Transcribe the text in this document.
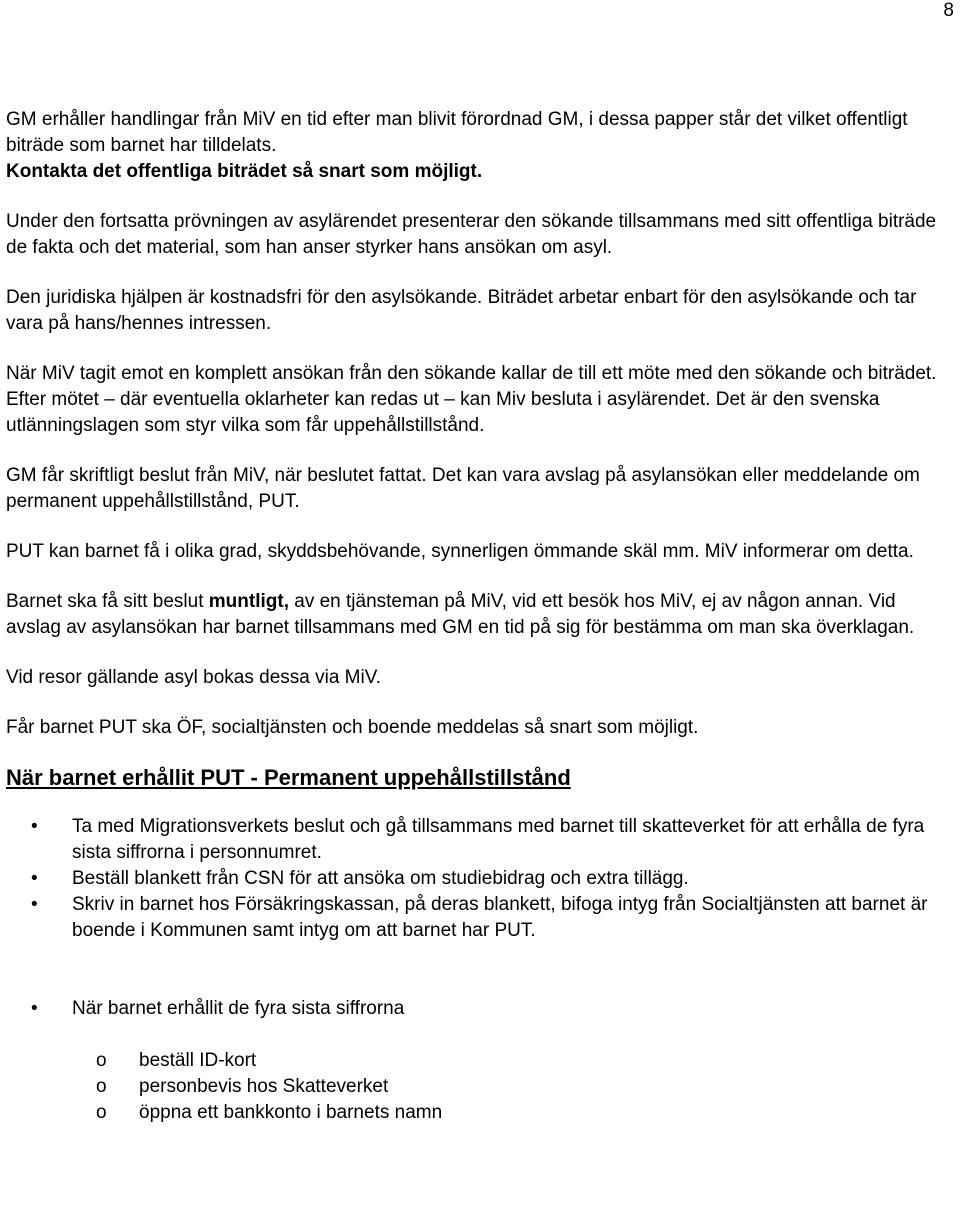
8

GM erhåller handlingar från MiV en tid efter man blivit förordnad GM, i dessa papper står det vilket offentligt biträde som barnet har tilldelats.
Kontakta det offentliga biträdet så snart som möjligt.

Under den fortsatta prövningen av asylärendet presenterar den sökande tillsammans med sitt offentliga biträde de fakta och det material, som han anser styrker hans ansökan om asyl.

Den juridiska hjälpen är kostnadsfri för den asylsökande. Biträdet arbetar enbart för den asylsökande och tar vara på hans/hennes intressen.

När MiV tagit emot en komplett ansökan från den sökande kallar de till ett möte med den sökande och biträdet. Efter mötet – där eventuella oklarheter kan redas ut – kan Miv besluta i asylärendet. Det är den svenska utlänningslagen som styr vilka som får uppehållstillstånd.

GM får skriftligt beslut från MiV, när beslutet fattat. Det kan vara avslag på asylansökan eller meddelande om permanent uppehållstillstånd, PUT.

PUT kan barnet få i olika grad, skyddsbehövande, synnerligen ömmande skäl mm. MiV informerar om detta.

Barnet ska få sitt beslut muntligt, av en tjänsteman på MiV, vid ett besök hos MiV, ej av någon annan. Vid avslag av asylansökan har barnet tillsammans med GM en tid på sig för bestämma om man ska överklagan.

Vid resor gällande asyl bokas dessa via MiV.

Får barnet PUT ska ÖF, socialtjänsten och boende meddelas så snart som möjligt.

När barnet erhållit PUT - Permanent uppehållstillstånd
• Ta med Migrationsverkets beslut och gå tillsammans med barnet till skatteverket för att erhålla de fyra sista siffrorna i personnumret.
• Beställ blankett från CSN för att ansöka om studiebidrag och extra tillägg.
• Skriv in barnet hos Försäkringskassan, på deras blankett, bifoga intyg från Socialtjänsten att barnet är boende i Kommunen samt intyg om att barnet har PUT.
• När barnet erhållit de fyra sista siffrorna
o beställ ID-kort
o personbevis hos Skatteverket
o öppna ett bankkonto i barnets namn
